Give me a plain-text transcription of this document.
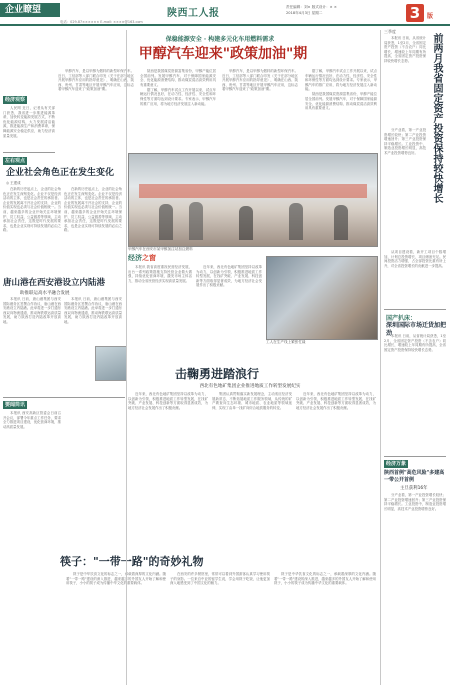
企业瞭望	陕西工人报
责任编辑：刘× 版式设计：× ×
2018年4月3日 星期二	3	版
电话：029-87×××××× E-mail: ××××@163.com
保稳能源安全 · 构建多元化车用燃料需求
甲醇汽车迎来"政策加油"期

甲醇汽车，是以甲醇为燃料的新型环保汽车。近日，工信部等八部门联合印发《关于在部分地区开展甲醇汽车应用的指导意见》，明确在山西、陕西、贵州、甘肃等地区开展甲醇汽车应用，这标志着甲醇汽车迎来了"政策加油"期。

陕西是我国煤炭资源富集省份，甲醇产能位居全国前列。发展甲醇汽车，对于保障国家能源安全、优化能源消费结构、推动煤炭清洁高效利用具有重要意义。

据了解，甲醇汽车试点工作开展以来，试点车辆运行情况良好，在动力性、经济性、安全性和环保性等方面均达到设计要求。专家表示，甲醇汽车的推广应用，将为地方经济发展注入新动能。

甲醇汽车，是以甲醇为燃料的新型环保汽车。近日，工信部等八部门联合印发《关于在部分地区开展甲醇汽车应用的指导意见》，明确在山西、陕西、贵州、甘肃等地区开展甲醇汽车应用，这标志着甲醇汽车迎来了"政策加油"期。

据了解，甲醇汽车试点工作开展以来，试点车辆运行情况良好，在动力性、经济性、安全性和环保性等方面均达到设计要求。专家表示，甲醇汽车的推广应用，将为地方经济发展注入新动能。

陕西是我国煤炭资源富集省份，甲醇产能位居全国前列。发展甲醇汽车，对于保障国家能源安全、优化能源消费结构、推动煤炭清洁高效利用具有重要意义。

经济观察
人民网 近日，记者从有关部门获悉，我省进一步推进能源革命，加快转变能源发展方式，不断优化能源结构，大力发展清洁能源，推进能源生产和消费革命，保障能源安全稳定供应，助力经济高质量发展。
左右观点
企业社会角色正在发生变化
◎ 王建成
在新的历史起点上，企业的社会角色正在发生深刻变化。企业不仅是经济活动的主体，也是社会责任的承担者。企业的发展离不开社会的支持，企业的价值实现也必须与社会价值相统一。当前，越来越多的企业开始关注环境保护、员工权益、公益慈善等领域，主动承担社会责任，这既是时代发展的要求，也是企业实现可持续发展的必由之路。
在新的历史起点上，企业的社会角色正在发生深刻变化。企业不仅是经济活动的主体，也是社会责任的承担者。企业的发展离不开社会的支持，企业的价值实现也必须与社会价值相统一。当前，越来越多的企业开始关注环境保护、员工权益、公益慈善等领域，主动承担社会责任，这既是时代发展的要求，也是企业实现可持续发展的必由之路。
唐山港在西安港设立内陆港
助推联运高水平融合发展
本报讯 日前，唐山港集团与西安国际港务区签署合作协议，唐山港在西安港设立内陆港。此举将进一步打通东西双向物流通道，推动海铁联运高质量发展，助力陕西打造内陆改革开放高地。
本报讯 日前，唐山港集团与西安国际港务区签署合作协议，唐山港在西安港设立内陆港。此举将进一步打通东西双向物流通道，推动海铁联运高质量发展，助力陕西打造内陆改革开放高地。
要闻简讯
本报讯 西安高新区管委会日前召开会议，部署今年重点工作任务，要求全力推进项目建设，优化营商环境，推动高质量发展。
甲醇汽车在西安市某甲醇加注站加注燃料
经济之窗
本报讯 我省高度重视民营经济发展，出台一系列政策措施支持民营企业做大做强，持续优化营商环境，激发市场主体活力，推动全省民营经济实现高质量发展。
近年来，西北有色地矿集团坚持以改革为动力，以创新为引领，积极推进地质工作转型发展，在找矿突破、产业发展、科技创新等方面取得显著成效，为地方经济社会发展作出了积极贡献。
工人在生产线上紧张忙碌
击鞠勇进踏浪行
西北有色地矿集团企业推进地质工作转型发展纪实
近年来，西北有色地矿集团坚持以改革为动力，以创新为引领，积极推进地质工作转型发展，在找矿突破、产业发展、科技创新等方面取得显著成效，为地方经济社会发展作出了积极贡献。
集团认真贯彻落实新发展理念，主动适应经济发展新常态，不断拓展地质工作服务领域，从传统的矿产勘查向生态环境、城市地质、农业地质等领域延伸，实现了由单一找矿向综合地质服务的转变。
近年来，西北有色地矿集团坚持以改革为动力，以创新为引领，积极推进地质工作转型发展，在找矿突破、产业发展、科技创新等方面取得显著成效，为地方经济社会发展作出了积极贡献。
筷子："一带一路"的奇妙礼物
筷子是中华饮食文化的标志之一，承载着深厚的文化内涵。随着"一带一路"建设的深入推进，越来越多的外国友人开始了解和使用筷子，小小的筷子成为传播中华文化的重要载体。
在西安的许多餐馆里，常常可以看到外国游客认真学习使用筷子的身影。一位来自中亚的留学生说，学会用筷子吃饭，让他更加深入地感受到了中国文化的魅力。
筷子是中华饮食文化的标志之一，承载着深厚的文化内涵。随着"一带一路"建设的深入推进，越来越多的外国友人开始了解和使用筷子，小小的筷子成为传播中华文化的重要载体。
三季度
本报讯 日前，从省统计局获悉，1至2月，全省固定资产投资（不含农户）同比增长，增速较上年同期有所提高，全省固定资产投资保持较快增长态势。	前两月我省固定资产投资保持较快增长
分产业看，第一产业投资增长较快；第二产业投资增速回升；第三产业投资保持平稳增长。工业投资中，制造业投资增长明显，高技术产业投资增势良好。
从项目建设看，新开工项目个数增加，计划总投资增长，项目储备充足。民间投资活力增强，占全部投资比重有所上升，对全省投资增长的贡献进一步提高。
国产扒床：
深圳国际市场迁货加把劲
本报讯 日前，从省统计局获悉，1至2月，全省固定资产投资（不含农户）同比增长，增速较上年同期有所提高，全省固定资产投资保持较快增长态势。
经济万象
陕西首例"高危风险"多建高一带公开首例
主旦获利16年
分产业看，第一产业投资增长较快；第二产业投资增速回升；第三产业投资保持平稳增长。工业投资中，制造业投资增长明显，高技术产业投资增势良好。
